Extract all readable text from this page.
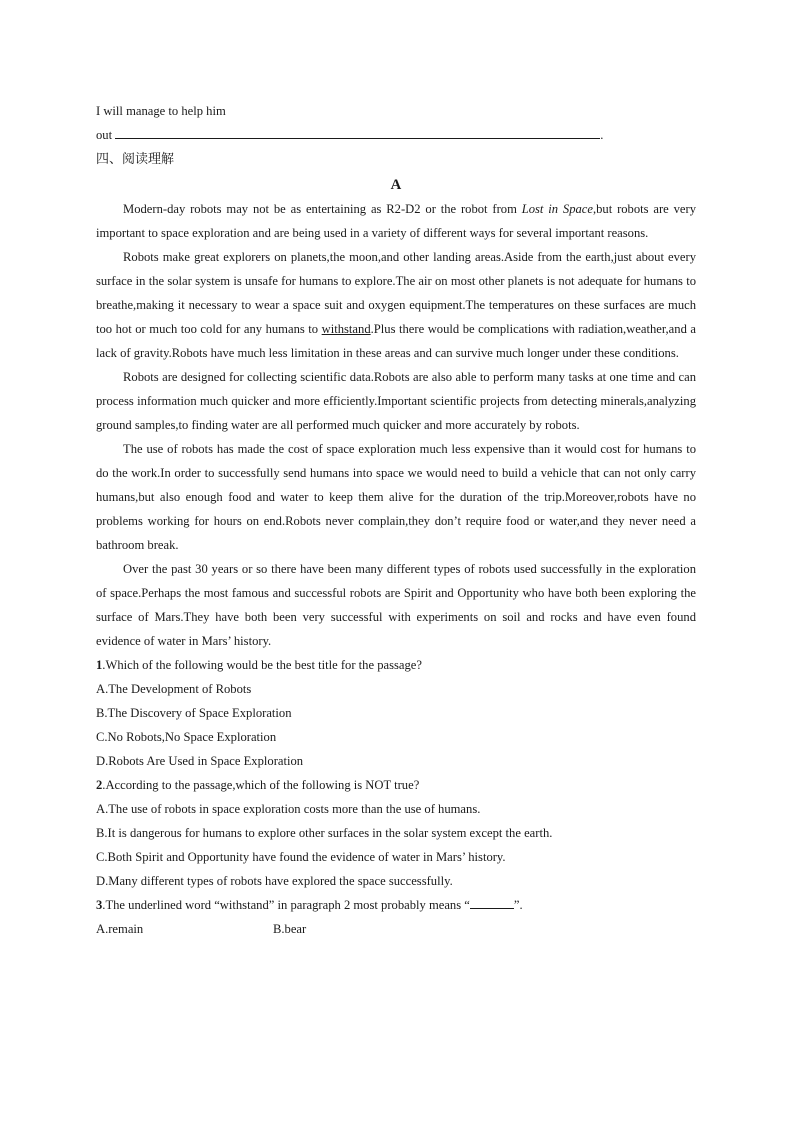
I will manage to help him

out	.

四、阅读理解
A

Modern-day robots may not be as entertaining as R2-D2 or the robot from Lost in Space,but robots are very important to space exploration and are being used in a variety of different ways for several important reasons.

Robots make great explorers on planets,the moon,and other landing areas.Aside from the earth,just about every surface in the solar system is unsafe for humans to explore.The air on most other planets is not adequate for humans to breathe,making it necessary to wear a space suit and oxygen equipment.The temperatures on these surfaces are much too hot or much too cold for any humans to withstand.Plus there would be complications with radiation,weather,and a lack of gravity.Robots have much less limitation in these areas and can survive much longer under these conditions.

Robots are designed for collecting scientific data.Robots are also able to perform many tasks at one time and can process information much quicker and more efficiently.Important scientific projects from detecting minerals,analyzing ground samples,to finding water are all performed much quicker and more accurately by robots.

The use of robots has made the cost of space exploration much less expensive than it would cost for humans to do the work.In order to successfully send humans into space we would need to build a vehicle that can not only carry humans,but also enough food and water to keep them alive for the duration of the trip.Moreover,robots have no problems working for hours on end.Robots never complain,they don’t require food or water,and they never need a bathroom break.

Over the past 30 years or so there have been many different types of robots used successfully in the exploration of space.Perhaps the most famous and successful robots are Spirit and Opportunity who have both been exploring the surface of Mars.They have both been very successful with experiments on soil and rocks and have even found evidence of water in Mars’ history.

1.Which of the following would be the best title for the passage?

A.The Development of Robots

B.The Discovery of Space Exploration

C.No Robots,No Space Exploration

D.Robots Are Used in Space Exploration

2.According to the passage,which of the following is NOT true?

A.The use of robots in space exploration costs more than the use of humans.

B.It is dangerous for humans to explore other surfaces in the solar system except the earth.

C.Both Spirit and Opportunity have found the evidence of water in Mars’ history.

D.Many different types of robots have explored the space successfully.

3.The underlined word “withstand” in paragraph 2 most probably means “	”.

A.remain	B.bear
